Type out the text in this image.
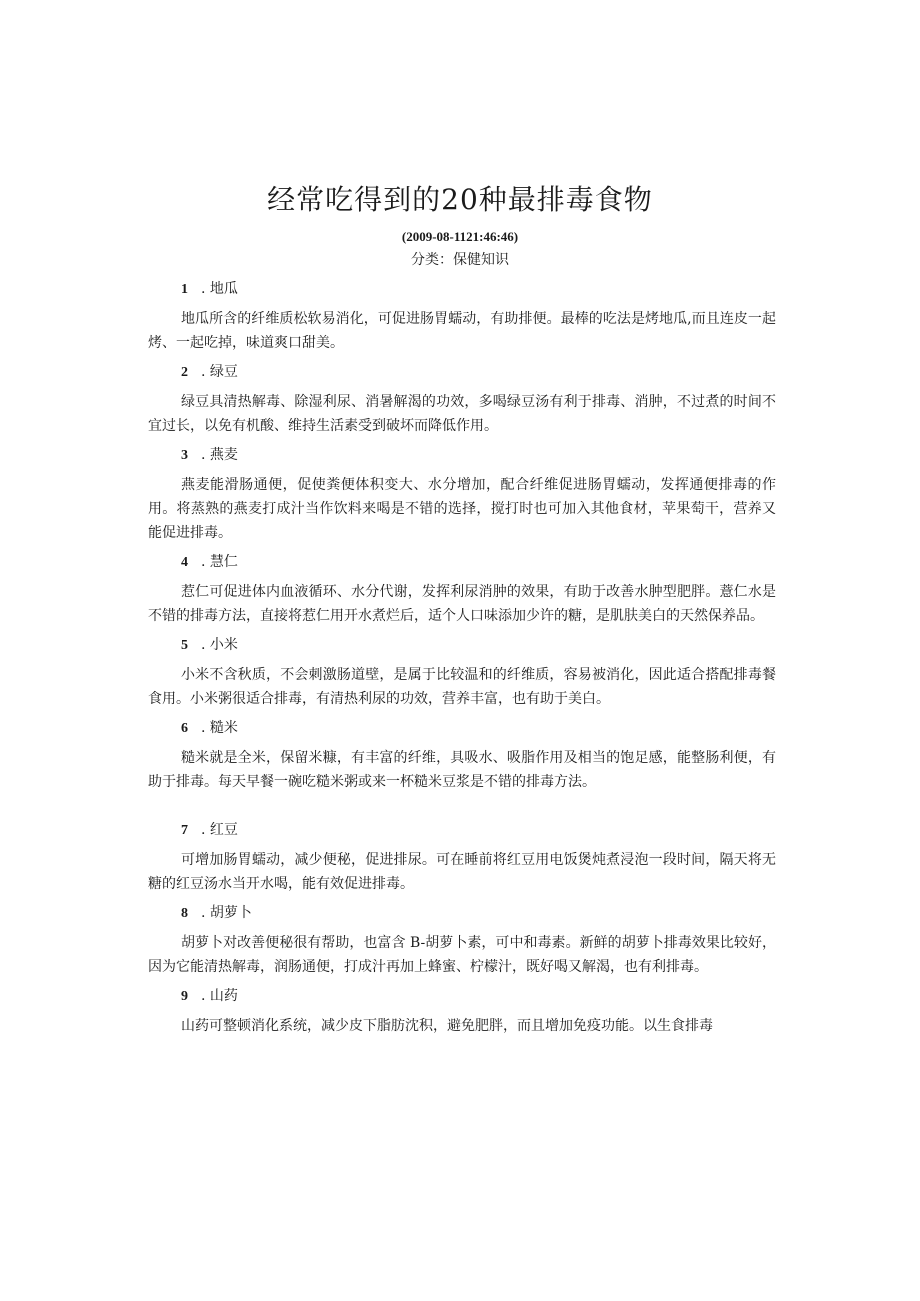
经常吃得到的20种最排毒食物
(2009-08-1121:46:46)
分类：保健知识
1 . 地瓜

地瓜所含的纤维质松软易消化，可促进肠胃蠕动，有助排便。最棒的吃法是烤地瓜,而且连皮一起烤、一起吃掉，味道爽口甜美。

2 . 绿豆

绿豆具清热解毒、除湿利尿、消暑解渴的功效，多喝绿豆汤有利于排毒、消肿，不过煮的时间不宜过长，以免有机酸、维持生活素受到破坏而降低作用。

3 . 燕麦

燕麦能滑肠通便，促使粪便体积变大、水分增加，配合纤维促进肠胃蠕动，发挥通便排毒的作用。将蒸熟的燕麦打成汁当作饮料来喝是不错的选择，搅打时也可加入其他食材，苹果萄干，营养又能促进排毒。

4 . 慧仁

惹仁可促进体内血液循环、水分代谢，发挥利尿消肿的效果，有助于改善水肿型肥胖。薏仁水是不错的排毒方法，直接将惹仁用开水煮烂后，适个人口味添加少许的糖，是肌肤美白的天然保养品。

5 . 小米

小米不含秋质，不会刺激肠道壁，是属于比较温和的纤维质，容易被消化，因此适合搭配排毒餐食用。小米粥很适合排毒，有清热利尿的功效，营养丰富，也有助于美白。

6 . 糙米

糙米就是全米，保留米糠，有丰富的纤维，具吸水、吸脂作用及相当的饱足感，能整肠利便，有助于排毒。每天早餐一碗吃糙米粥或来一杯糙米豆浆是不错的排毒方法。

7 . 红豆

可增加肠胃蠕动，减少便秘，促进排尿。可在睡前将红豆用电饭煲炖煮浸泡一段时间，隔天将无糖的红豆汤水当开水喝，能有效促进排毒。

8 . 胡萝卜

胡萝卜对改善便秘很有帮助，也富含 B-胡萝卜素，可中和毒素。新鲜的胡萝卜排毒效果比较好，因为它能清热解毒，润肠通便，打成汁再加上蜂蜜、柠檬汁，既好喝又解渴，也有利排毒。

9 . 山药

山药可整顿消化系统，减少皮下脂肪沈积，避免肥胖，而且增加免疫功能。以生食排毒
